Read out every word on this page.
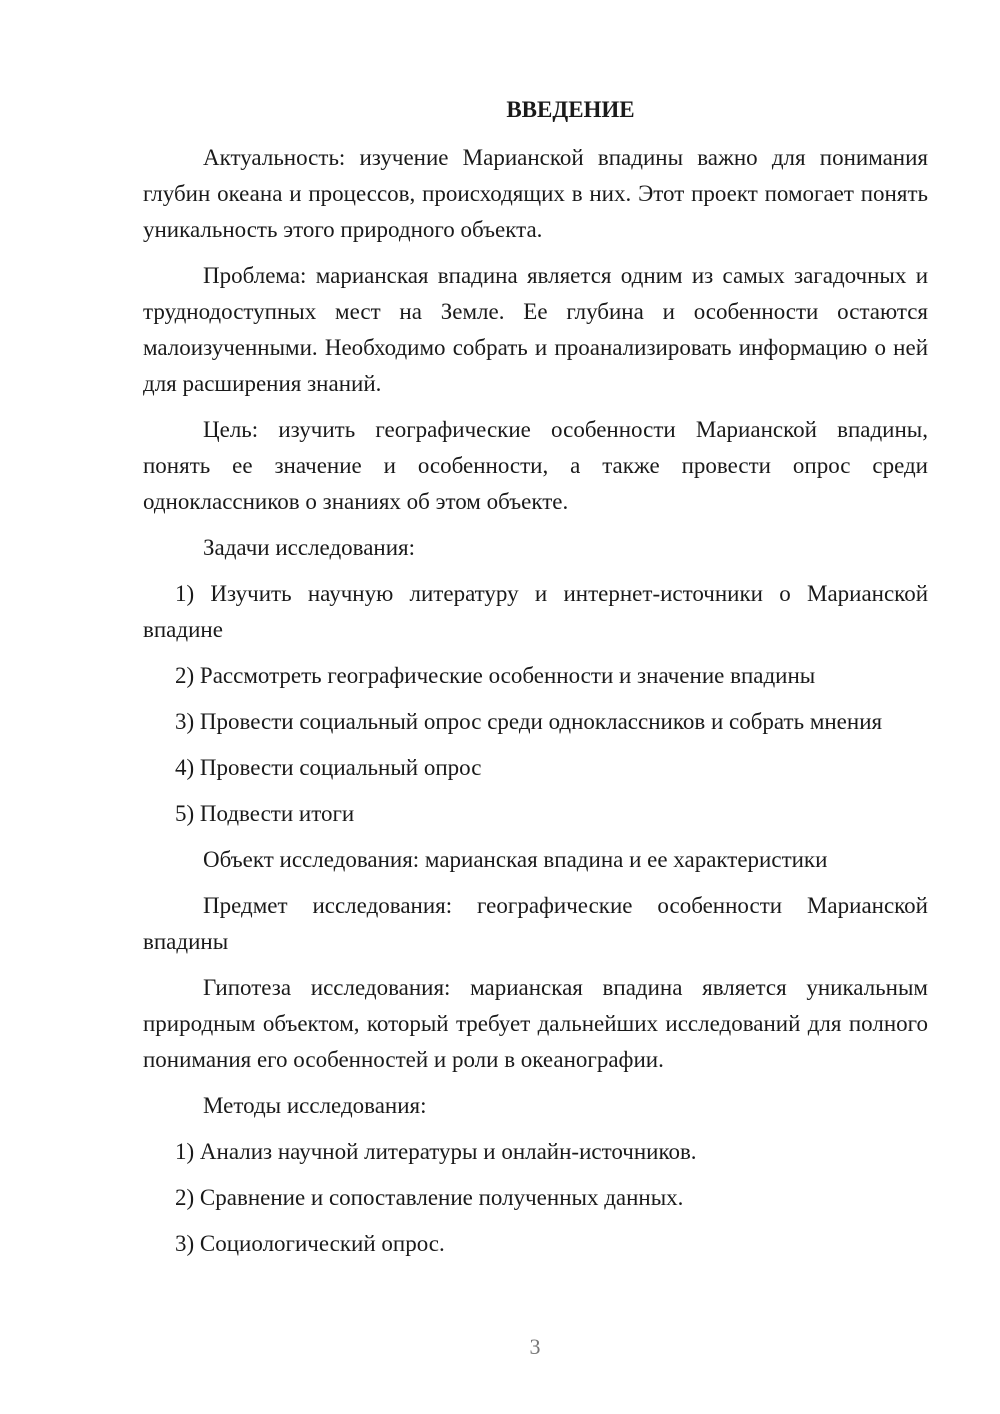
ВВЕДЕНИЕ

Актуальность: изучение Марианской впадины важно для понимания глубин океана и процессов, происходящих в них. Этот проект помогает понять уникальность этого природного объекта.

Проблема: марианская впадина является одним из самых загадочных и труднодоступных мест на Земле. Ее глубина и особенности остаются малоизученными. Необходимо собрать и проанализировать информацию о ней для расширения знаний.

Цель: изучить географические особенности Марианской впадины, понять ее значение и особенности, а также провести опрос среди одноклассников о знаниях об этом объекте.

Задачи исследования:

1) Изучить научную литературу и интернет-источники о Марианской впадине

2) Рассмотреть географические особенности и значение впадины

3) Провести социальный опрос среди одноклассников и собрать мнения

4) Провести социальный опрос

5) Подвести итоги

Объект исследования: марианская впадина и ее характеристики

Предмет исследования: географические особенности Марианской впадины

Гипотеза исследования: марианская впадина является уникальным природным объектом, который требует дальнейших исследований для полного понимания его особенностей и роли в океанографии.

Методы исследования:

1) Анализ научной литературы и онлайн-источников.

2) Сравнение и сопоставление полученных данных.

3) Социологический опрос.

3
